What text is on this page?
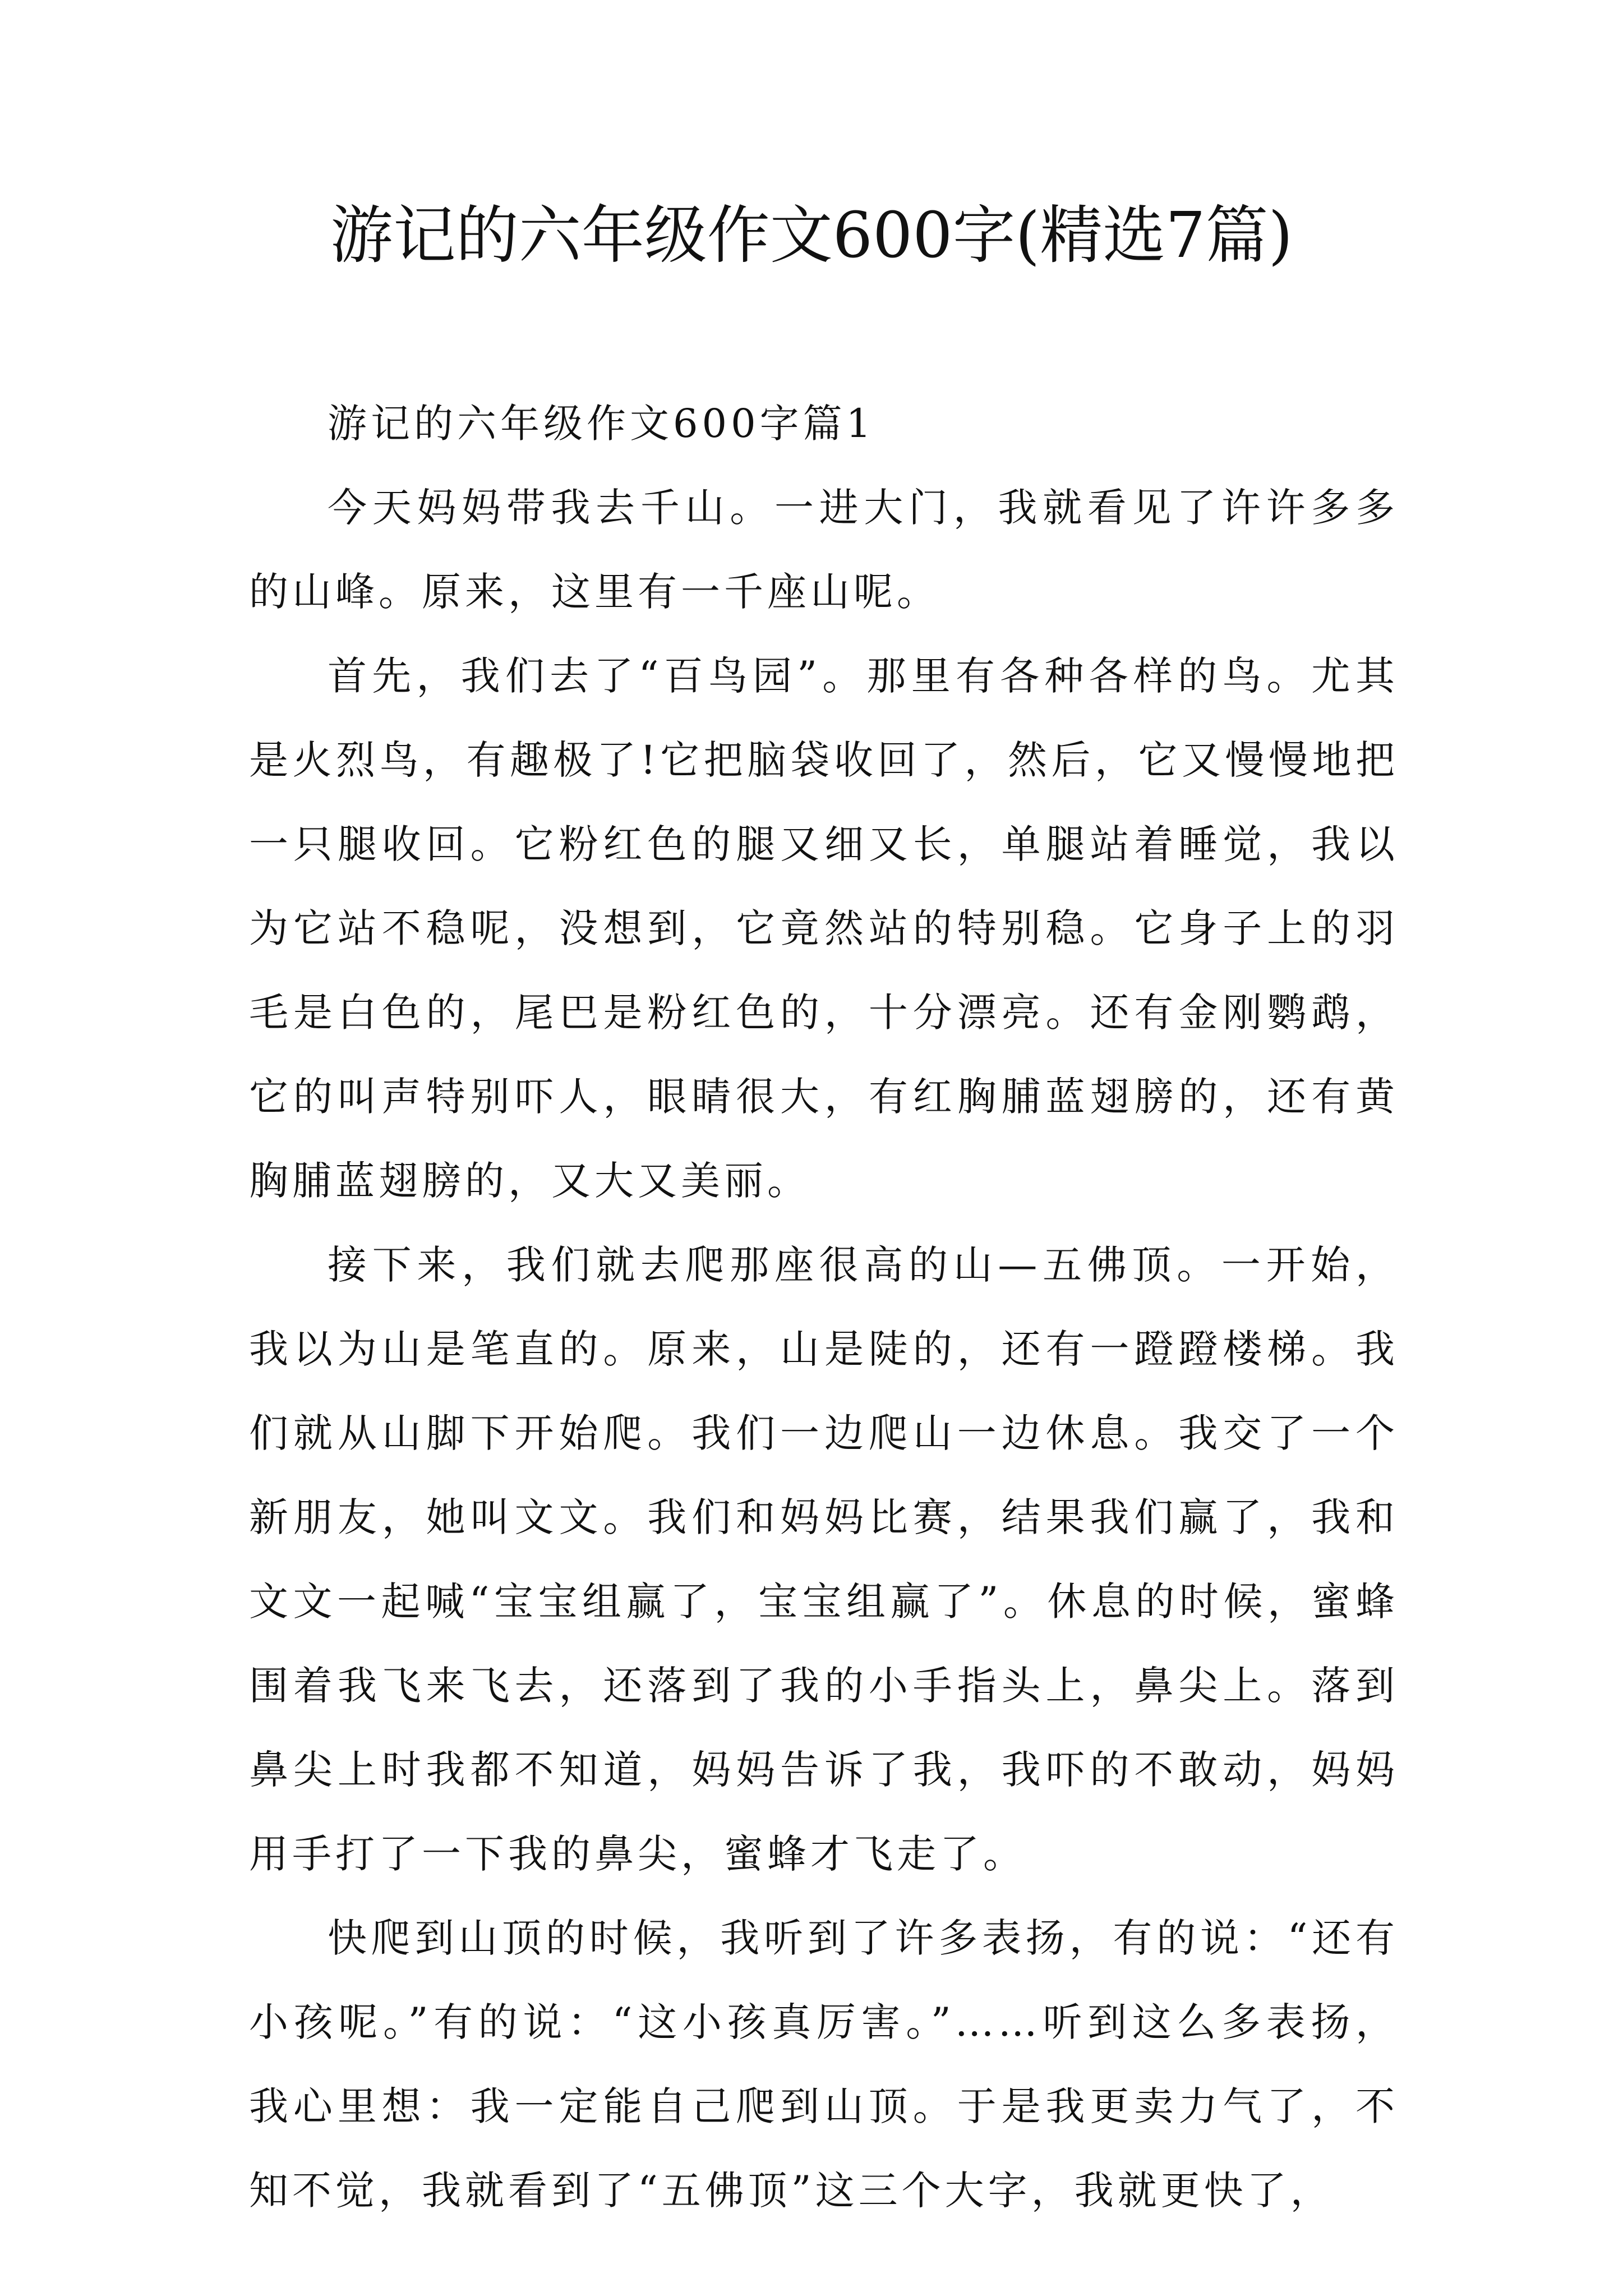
游记的六年级作文600字(精选7篇)

游记的六年级作文600字篇1

今天妈妈带我去千山。一进大门，我就看见了许许多多的山峰。原来，这里有一千座山呢。

首先，我们去了“百鸟园”。那里有各种各样的鸟。尤其是火烈鸟，有趣极了!它把脑袋收回了，然后，它又慢慢地把一只腿收回。它粉红色的腿又细又长，单腿站着睡觉，我以为它站不稳呢，没想到，它竟然站的特别稳。它身子上的羽毛是白色的，尾巴是粉红色的，十分漂亮。还有金刚鹦鹉，它的叫声特别吓人，眼睛很大，有红胸脯蓝翅膀的，还有黄胸脯蓝翅膀的，又大又美丽。

接下来，我们就去爬那座很高的山—五佛顶。一开始，我以为山是笔直的。原来，山是陡的，还有一蹬蹬楼梯。我们就从山脚下开始爬。我们一边爬山一边休息。我交了一个新朋友，她叫文文。我们和妈妈比赛，结果我们赢了，我和文文一起喊“宝宝组赢了，宝宝组赢了”。休息的时候，蜜蜂围着我飞来飞去，还落到了我的小手指头上，鼻尖上。落到鼻尖上时我都不知道，妈妈告诉了我，我吓的不敢动，妈妈用手打了一下我的鼻尖，蜜蜂才飞走了。

快爬到山顶的时候，我听到了许多表扬，有的说：“还有小孩呢。”有的说：“这小孩真厉害。”……听到这么多表扬，我心里想：我一定能自己爬到山顶。于是我更卖力气了，不知不觉，我就看到了“五佛顶”这三个大字，我就更快了，
